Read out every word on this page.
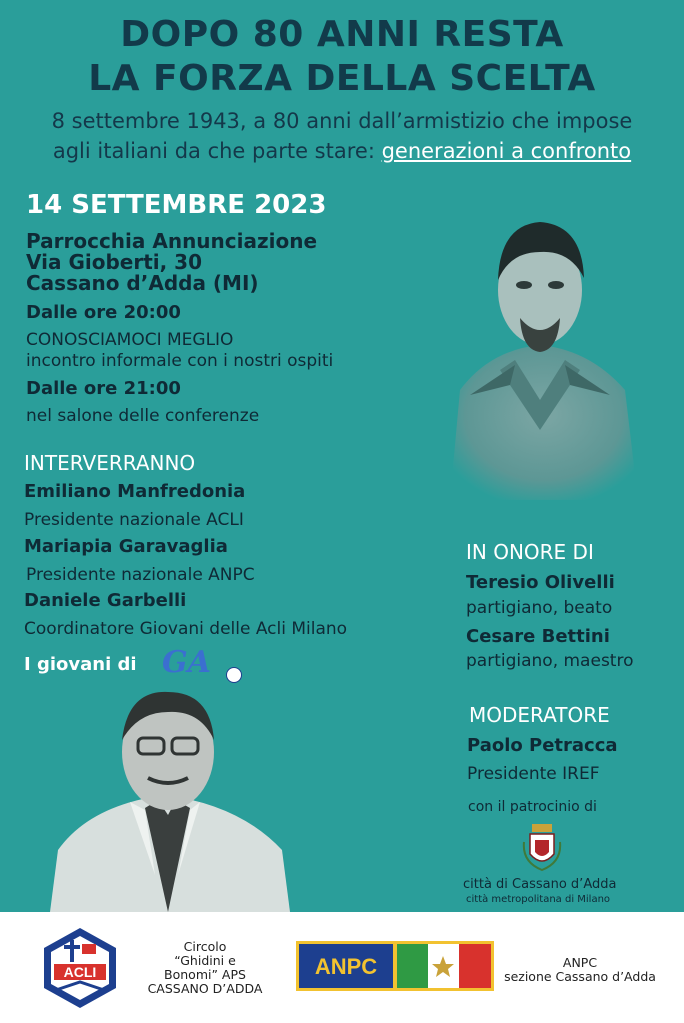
DOPO 80 ANNI RESTA
LA FORZA DELLA SCELTA
8 settembre 1943, a 80 anni dall’armistizio che impose
agli italiani da che parte stare: generazioni a confronto
14 SETTEMBRE 2023
Parrocchia Annunciazione
Via Gioberti, 30
Cassano d’Adda (MI)
Dalle ore 20:00
CONOSCIAMOCI MEGLIO
incontro informale con i nostri ospiti
Dalle ore 21:00
nel salone delle conferenze
INTERVERRANNO
Emiliano Manfredonia
Presidente nazionale ACLI
Mariapia Garavaglia
Presidente nazionale ANPC
Daniele Garbelli
Coordinatore Giovani delle Acli Milano
I giovani di GA
IN ONORE DI
Teresio Olivelli
partigiano, beato
Cesare Bettini
partigiano, maestro
MODERATORE
Paolo Petracca
Presidente IREF
con il patrocinio di
città di Cassano d’Adda
città metropolitana di Milano
ACLI
Circolo
“Ghidini e
Bonomi” APS
CASSANO D’ADDA
ANPC	ANPC
sezione Cassano d’Adda
